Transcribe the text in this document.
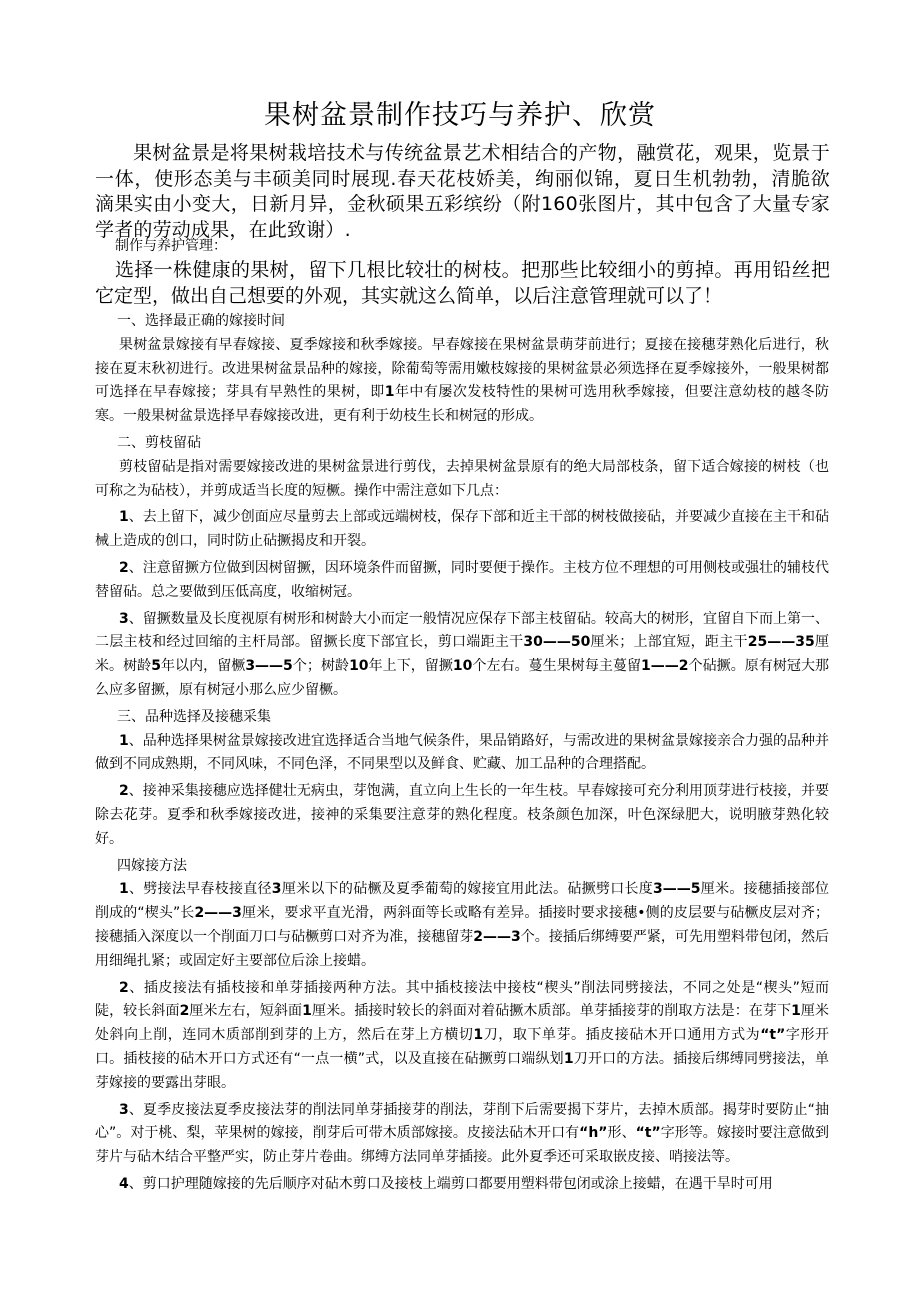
果树盆景制作技巧与养护、欣赏
果树盆景是将果树栽培技术与传统盆景艺术相结合的产物，融赏花，观果，览景于一体，使形态美与丰硕美同时展现.春天花枝娇美，绚丽似锦，夏日生机勃勃，清脆欲滴果实由小变大，日新月异，金秋硕果五彩缤纷（附160张图片，其中包含了大量专家学者的劳动成果，在此致谢）.
制作与养护管理：
选择一株健康的果树，留下几根比较壮的树枝。把那些比较细小的剪掉。再用铅丝把它定型，做出自己想要的外观，其实就这么简单，以后注意管理就可以了！

一、选择最正确的嫁接时间

果树盆景嫁接有早春嫁接、夏季嫁接和秋季嫁接。早春嫁接在果树盆景萌芽前进行；夏接在接穗芽熟化后进行，秋接在夏末秋初进行。改进果树盆景品种的嫁接，除葡萄等需用嫩枝嫁接的果树盆景必须选择在夏季嫁接外，一般果树都可选择在早春嫁接；芽具有早熟性的果树，即1年中有屡次发枝特性的果树可选用秋季嫁接，但要注意幼枝的越冬防寒。一般果树盆景选择早春嫁接改进，更有利于幼枝生长和树冠的形成。

二、剪枝留砧

剪枝留砧是指对需要嫁接改进的果树盆景进行剪伐，去掉果树盆景原有的绝大局部枝条，留下适合嫁接的树枝（也可称之为砧枝），并剪成适当长度的短橛。操作中需注意如下几点：

1、去上留下，减少创面应尽量剪去上部或远端树枝，保存下部和近主干部的树枝做接砧，并要减少直接在主干和砧械上造成的创口，同时防止砧撅揭皮和开裂。

2、注意留撅方位做到因树留撅，因环境条件而留撅，同时要便于操作。主枝方位不理想的可用侧枝或强壮的辅枝代替留砧。总之要做到压低高度，收缩树冠。

3、留撅数量及长度视原有树形和树龄大小而定一般情况应保存下部主枝留砧。较高大的树形，宜留自下而上第一、二层主枝和经过回缩的主杆局部。留撅长度下部宜长，剪口端距主干30——50厘米；上部宜短，距主干25——35厘米。树龄5年以内，留橛3——5个；树龄10年上下，留撅10个左右。蔓生果树每主蔓留1——2个砧撅。原有树冠大那么应多留撅，原有树冠小那么应少留橛。

三、品种选择及接穗采集

1、品种选择果树盆景嫁接改进宜选择适合当地气候条件，果品销路好，与需改进的果树盆景嫁接亲合力强的品种并做到不同成熟期，不同风味，不同色泽，不同果型以及鲜食、贮藏、加工品种的合理搭配。

2、接神采集接穗应选择健壮无病虫，芽饱满，直立向上生长的一年生枝。早春嫁接可充分利用顶芽进行枝接，并要除去花芽。夏季和秋季嫁接改进，接神的采集要注意芽的熟化程度。枝条颜色加深，叶色深绿肥大，说明腋芽熟化较好。

四嫁接方法

1、劈接法早春枝接直径3厘米以下的砧橛及夏季葡萄的嫁接宜用此法。砧撅劈口长度3——5厘米。接穗插接部位削成的“楔头”长2——3厘米，要求平直光滑，两斜面等长或略有差异。插接时要求接穗•侧的皮层要与砧橛皮层对齐；接穗插入深度以一个削面刀口与砧橛剪口对齐为准，接穗留芽2——3个。接插后绑缚要严紧，可先用塑料带包闭，然后用细绳扎紧；或固定好主要部位后涂上接蜡。

2、插皮接法有插枝接和单芽插接两种方法。其中插枝接法中接枝“楔头”削法同劈接法，不同之处是“楔头”短而陡，较长斜面2厘米左右，短斜面1厘米。插接时较长的斜面对着砧撅木质部。单芽插接芽的削取方法是：在芽下1厘米处斜向上削，连同木质部削到芽的上方，然后在芽上方横切1刀，取下单芽。插皮接砧木开口通用方式为“t”字形开口。插枝接的砧木开口方式还有“一点一横”式，以及直接在砧撅剪口端纵划1刀开口的方法。插接后绑缚同劈接法，单芽嫁接的要露出芽眼。

3、夏季皮接法夏季皮接法芽的削法同单芽插接芽的削法，芽削下后需要揭下芽片，去掉木质部。揭芽时要防止“抽心”。对于桃、梨，苹果树的嫁接，削芽后可带木质部嫁接。皮接法砧木开口有“h”形、“t”字形等。嫁接时要注意做到芽片与砧木结合平整严实，防止芽片卷曲。绑缚方法同单芽插接。此外夏季还可采取嵌皮接、哨接法等。

4、剪口护理随嫁接的先后顺序对砧木剪口及接枝上端剪口都要用塑料带包闭或涂上接蜡，在遇干旱时可用
